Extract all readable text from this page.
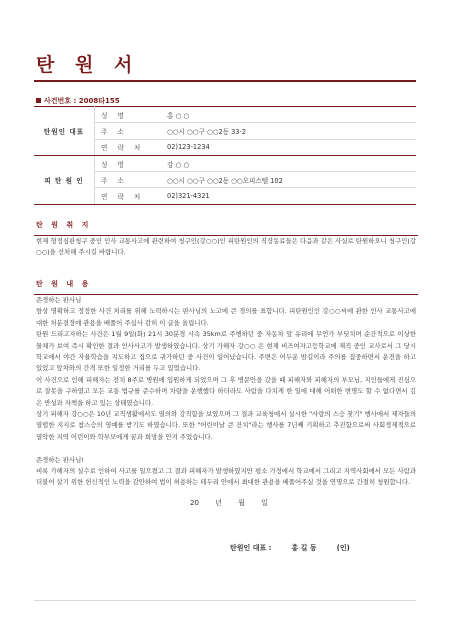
탄 원 서
사건번호 : 2008타155
탄원인 대표	성 명	홍 ○ ○
	주 소	○○시 ○○구 ○○2동 33-2
	연 락 처	02)123-1234
피 탄 원 인	성 명	강 ○ ○
	주 소	○○시 ○○구 ○○2동 ○○오피스텔 102
	연 락 처	02)321-4321
탄 원 취 지

현재 형정심판청구 중인 인사 교통사고에 관련하여 청구인(강○○)인 피탄원인의 직장동료들은 다음과 같은 사실로 탄원하오니 청구인(강○○)을 선처해 주시길 바랍니다.

탄 원 내 용

존경하는 판사님

항상 명확하고 정정한 사건 처리를 위해 노력하시는 판사님의 노고에 큰 경의를 표합니다. 피탄원인인 강○○씨에 관한 인사 교통사고에 대한 처분결정에 관용을 베풀어 주십사 감히 이 글을 올립니다.

탄원 드리고자하는 사건은 1월 9일(화) 21시 30분경 시속 35km로 주행하던 중 자동차 앞 유리에 무언가 부딪치며 순간적으로 이상한 물체가 보여 즉시 확인한 결과 인사사고가 발생하였습니다. 상기 가해자 강○○ 은 현재 비즈여자고등학교에 재직 중인 교사로서 그 당시 학교에서 야간 자율학습을 지도하고 집으로 귀가하던 중 사건이 일어났습니다. 주변은 어두운 밤길이라 주의를 집중하면서 운전을 하고 있었고 앞차와의 간격 또한 일정한 거리를 두고 있었습니다.

이 사건으로 인해 피해자는 전치 8주로 병원에 입원하게 되었으며 그 후 병문안을 갔을 때 피해자와 피해자의 부모님, 지인들에게 진심으로 잘못을 구하였고 모든 교통 법규를 준수하며 차량을 운행했다 하더라도 사람을 다치게 한 일에 대해 어떠한 변명도 할 수 없다면서 깊은 반성과 자책을 하고 있는 상태였습니다.

상기 피해자 강○○은 10년 교직생활에서도 열의와 강직함을 보였으며 그 결과 교육청에서 실시한 "사랑의 스승 찾기" 행사에서 제자들의 열렬한 지지로 참스승의 영예를 받기도 하였습니다. 또한 "어린이날 큰 잔치"라는 행사를 7년째 기획하고 추진함으로써 사회경제적으로 열악한 지역 어린이와 학부모에게 꿈과 희망을 안겨 주었습니다.

존경하는 판사님!

비록 가해자의 실수로 인하여 사고를 일으켰고 그 결과 피해자가 발생하였지만 평소 가정에서 학교에서 그리고 지역사회에서 모든 사람과 더불어 살기 위한 헌신적인 노력을 감안하여 법이 허용하는 테두리 안에서 최대한 관용을 베풀어주실 것을 연명으로 간절히 청원합니다.

20 년 월 일
탄원인 대표 :	홍 길 동	(인)
